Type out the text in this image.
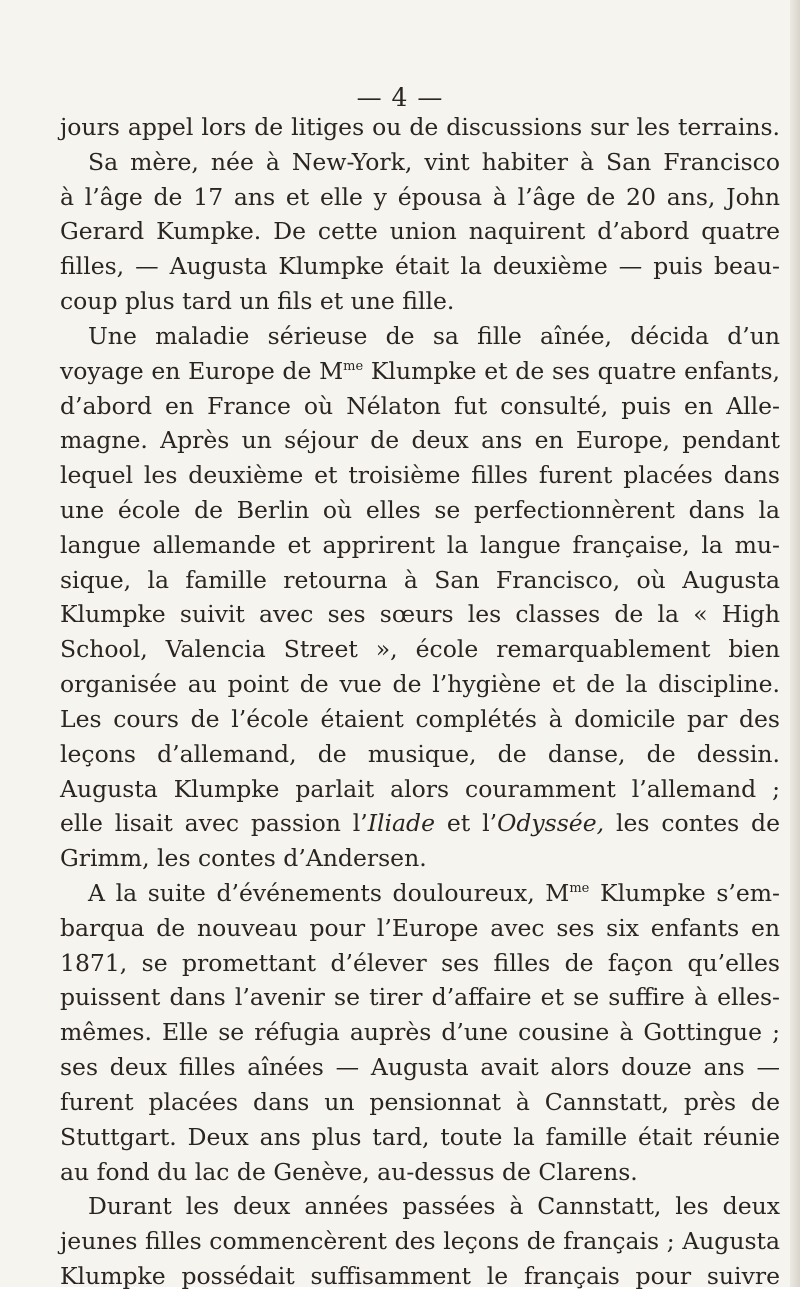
— 4 —
jours appel lors de litiges ou de discussions sur les terrains.
Sa mère, née à New-York, vint habiter à San Francisco
à l’âge de 17 ans et elle y épousa à l’âge de 20 ans, John
Gerard Kumpke. De cette union naquirent d’abord quatre
filles, — Augusta Klumpke était la deuxième — puis beau-
coup plus tard un fils et une fille.
Une maladie sérieuse de sa fille aînée, décida d’un
voyage en Europe de $M^{me}$ Klumpke et de ses quatre enfants,
d’abord en France où Nélaton fut consulté, puis en Alle-
magne. Après un séjour de deux ans en Europe, pendant
lequel les deuxième et troisième filles furent placées dans
une école de Berlin où elles se perfectionnèrent dans la
langue allemande et apprirent la langue française, la mu-
sique, la famille retourna à San Francisco, où Augusta
Klumpke suivit avec ses sœurs les classes de la « High
School, Valencia Street », école remarquablement bien
organisée au point de vue de l’hygiène et de la discipline.
Les cours de l’école étaient complétés à domicile par des
leçons d’allemand, de musique, de danse, de dessin.
Augusta Klumpke parlait alors couramment l’allemand ;
elle lisait avec passion l’Iliade et l’Odyssée, les contes de
Grimm, les contes d’Andersen.
A la suite d’événements douloureux, $M^{me}$ Klumpke s’em-
barqua de nouveau pour l’Europe avec ses six enfants en
1871, se promettant d’élever ses filles de façon qu’elles
puissent dans l’avenir se tirer d’affaire et se suffire à elles-
mêmes. Elle se réfugia auprès d’une cousine à Gottingue ;
ses deux filles aînées — Augusta avait alors douze ans —
furent placées dans un pensionnat à Cannstatt, près de
Stuttgart. Deux ans plus tard, toute la famille était réunie
au fond du lac de Genève, au-dessus de Clarens.
Durant les deux années passées à Cannstatt, les deux
jeunes filles commencèrent des leçons de français ; Augusta
Klumpke possédait suffisamment le français pour suivre
